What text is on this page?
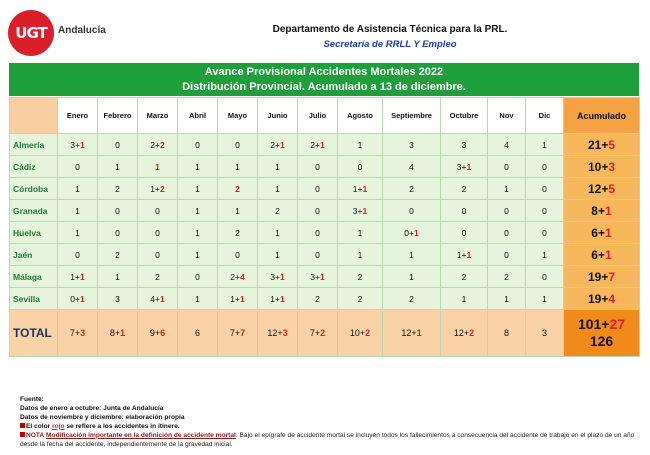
UGT	Andalucía	Departamento de Asistencia Técnica para la PRL.
Secretaría de RRLL Y Empleo
Avance Provisional Accidentes Mortales 2022
Distribución Provincial. Acumulado a 13 de diciembre.
	Enero	Febrero	Marzo	Abril	Mayo	Junio	Julio	Agosto	Septiembre	Octubre	Nov	Dic	Acumulado
Almería	3+1	0	2+2	0	0	2+1	2+1	1	3	3	4	1	21+5
Cádiz	0	1	1	1	1	1	0	0	4	3+1	0	0	10+3
Córdoba	1	2	1+2	1	2	1	0	1+1	2	2	1	0	12+5
Granada	1	0	0	1	1	2	0	3+1	0	0	0	0	8+1
Huelva	1	0	0	1	2	1	0	1	0+1	0	0	0	6+1
Jaén	0	2	0	1	0	1	0	1	1	1+1	0	1	6+1
Málaga	1+1	1	2	0	2+4	3+1	3+1	2	1	2	2	0	19+7
Sevilla	0+1	3	4+1	1	1+1	1+1	2	2	2	1	1	1	19+4
TOTAL	7+3	8+1	9+6	6	7+7	12+3	7+2	10+2	12+1	12+2	8	3	101+27
126
Fuente:
Datos de enero a octubre: Junta de Andalucía
Datos de noviembre y diciembre: elaboración propia
El color rojo se refiere a los accidentes in itinere.
NOTA Modificación importante en la definición de accidente mortal: Bajo el epígrafe de accidente mortal se incluyen todos los fallecimientos a consecuencia del accidente de trabajo en el plazo de un año desde la fecha del accidente, independientemente de la gravedad inicial.
